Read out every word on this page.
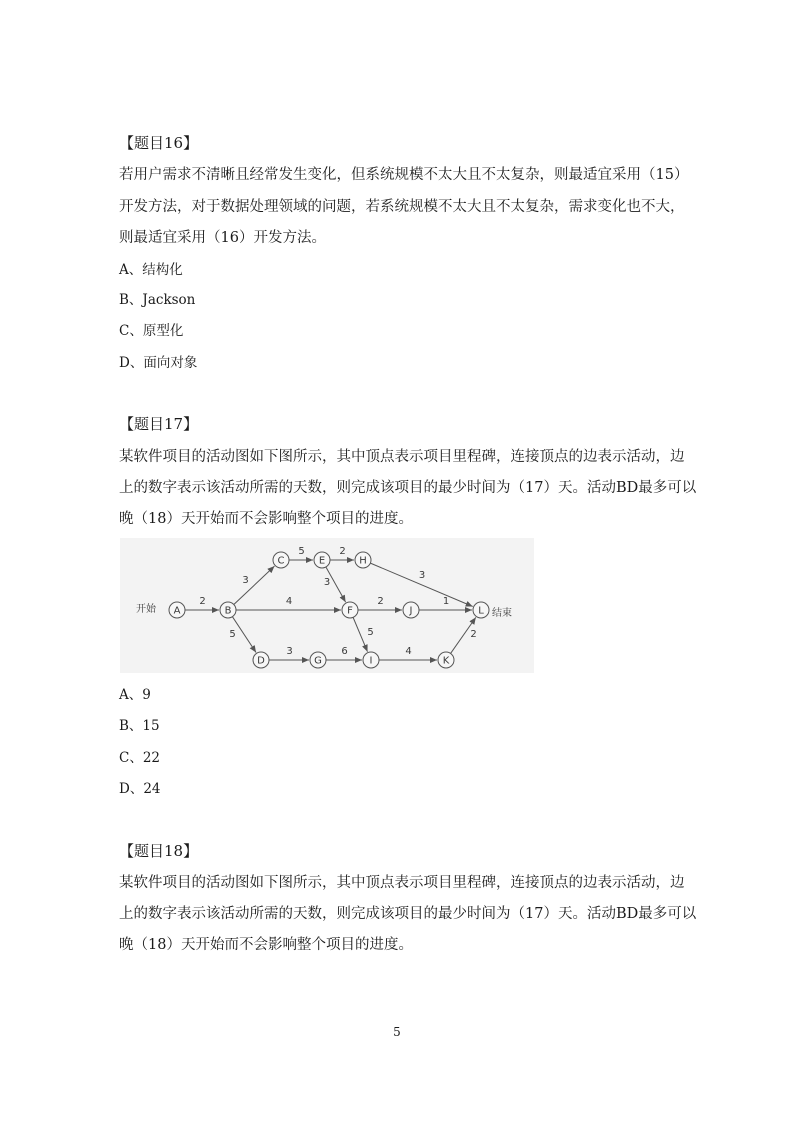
【题目16】
若用户需求不清晰且经常发生变化，但系统规模不太大且不太复杂，则最适宜采用（15）
开发方法，对于数据处理领域的问题，若系统规模不太大且不太复杂，需求变化也不大，
则最适宜采用（16）开发方法。
A、结构化
B、Jackson
C、原型化
D、面向对象
【题目17】
某软件项目的活动图如下图所示，其中顶点表示项目里程碑，连接顶点的边表示活动，边
上的数字表示该活动所需的天数，则完成该项目的最少时间为（17）天。活动BD最多可以
晚（18）天开始而不会影响整个项目的进度。
2
3
4
5
5	2
3
3
2	1
5
3	6	4
2
A	B
C
D
E
F
G
H
I
J
K
L
开始	结束
A、9
B、15
C、22
D、24
【题目18】
某软件项目的活动图如下图所示，其中顶点表示项目里程碑，连接顶点的边表示活动，边
上的数字表示该活动所需的天数，则完成该项目的最少时间为（17）天。活动BD最多可以
晚（18）天开始而不会影响整个项目的进度。
5
